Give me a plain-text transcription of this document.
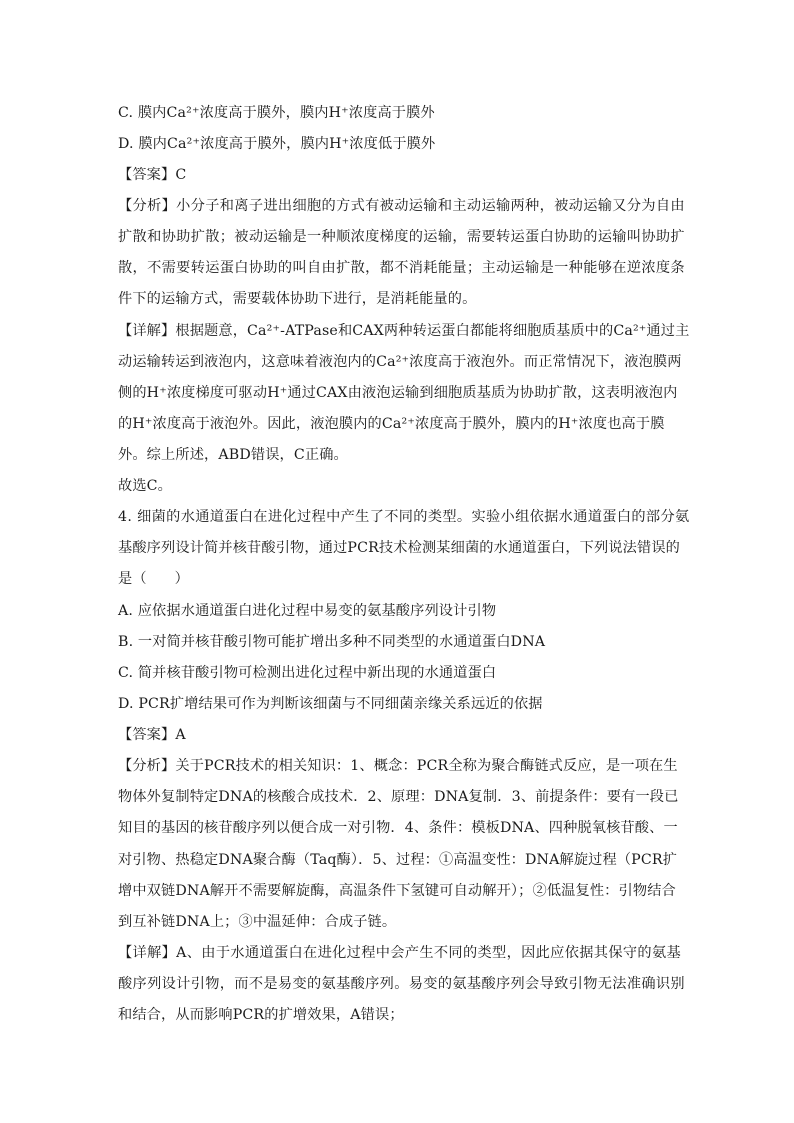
C. 膜内Ca²⁺浓度高于膜外，膜内H⁺浓度高于膜外

D. 膜内Ca²⁺浓度高于膜外，膜内H⁺浓度低于膜外

【答案】C

【分析】小分子和离子进出细胞的方式有被动运输和主动运输两种，被动运输又分为自由

扩散和协助扩散；被动运输是一种顺浓度梯度的运输，需要转运蛋白协助的运输叫协助扩

散，不需要转运蛋白协助的叫自由扩散，都不消耗能量；主动运输是一种能够在逆浓度条

件下的运输方式，需要载体协助下进行，是消耗能量的。

【详解】根据题意，Ca²⁺-ATPase和CAX两种转运蛋白都能将细胞质基质中的Ca²⁺通过主

动运输转运到液泡内，这意味着液泡内的Ca²⁺浓度高于液泡外。而正常情况下，液泡膜两

侧的H⁺浓度梯度可驱动H⁺通过CAX由液泡运输到细胞质基质为协助扩散，这表明液泡内

的H⁺浓度高于液泡外。因此，液泡膜内的Ca²⁺浓度高于膜外，膜内的H⁺浓度也高于膜

外。综上所述，ABD错误，C正确。

故选C。

4. 细菌的水通道蛋白在进化过程中产生了不同的类型。实验小组依据水通道蛋白的部分氨

基酸序列设计简并核苷酸引物，通过PCR技术检测某细菌的水通道蛋白，下列说法错误的

是（      ）

A. 应依据水通道蛋白进化过程中易变的氨基酸序列设计引物

B. 一对简并核苷酸引物可能扩增出多种不同类型的水通道蛋白DNA

C. 简并核苷酸引物可检测出进化过程中新出现的水通道蛋白

D. PCR扩增结果可作为判断该细菌与不同细菌亲缘关系远近的依据

【答案】A

【分析】关于PCR技术的相关知识：1、概念：PCR全称为聚合酶链式反应，是一项在生

物体外复制特定DNA的核酸合成技术．2、原理：DNA复制．3、前提条件：要有一段已

知目的基因的核苷酸序列以便合成一对引物．4、条件：模板DNA、四种脱氧核苷酸、一

对引物、热稳定DNA聚合酶（Taq酶）．5、过程：①高温变性：DNA解旋过程（PCR扩

增中双链DNA解开不需要解旋酶，高温条件下氢键可自动解开）；②低温复性：引物结合

到互补链DNA上；③中温延伸：合成子链。

【详解】A、由于水通道蛋白在进化过程中会产生不同的类型，因此应依据其保守的氨基

酸序列设计引物，而不是易变的氨基酸序列。易变的氨基酸序列会导致引物无法准确识别

和结合，从而影响PCR的扩增效果，A错误；
